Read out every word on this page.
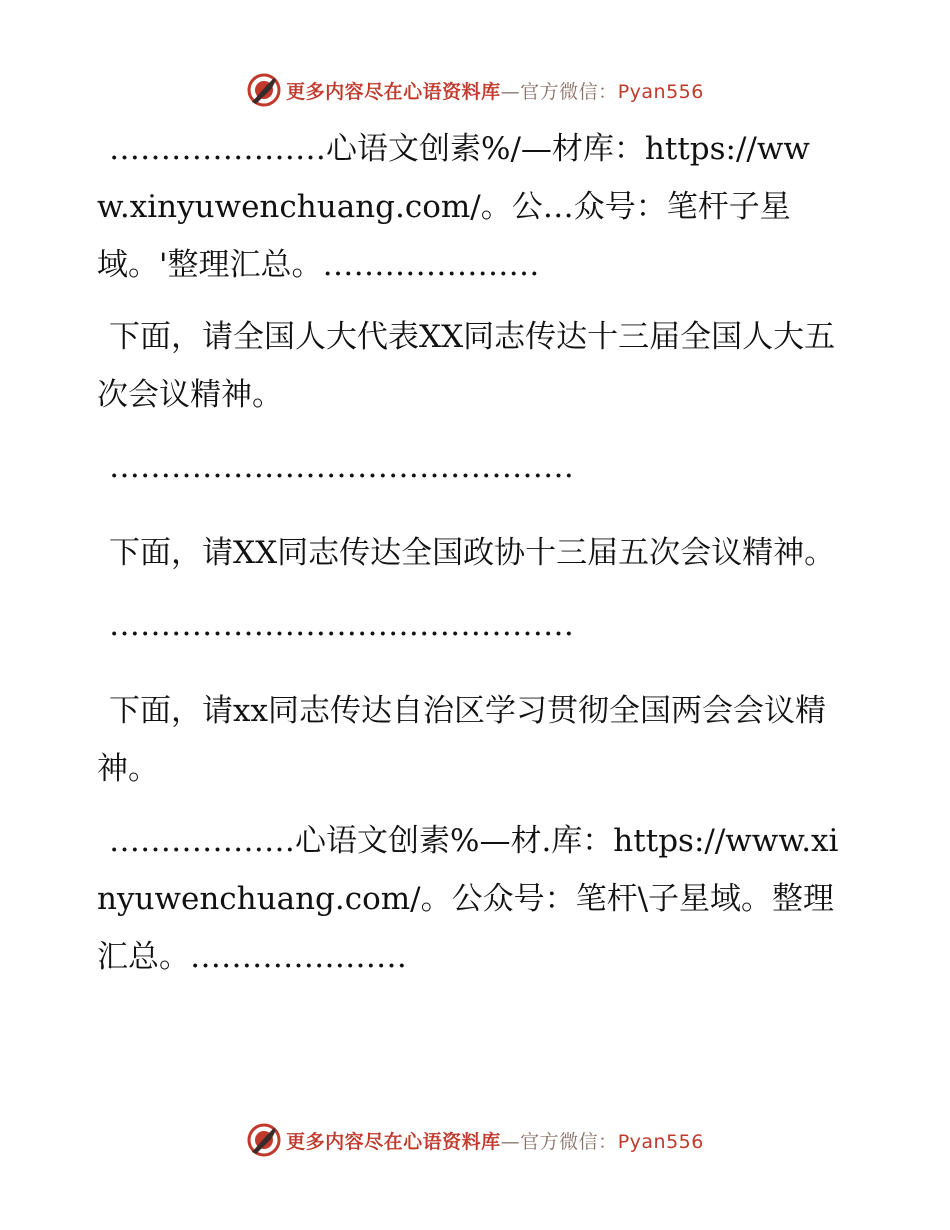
更多内容尽在心语资料库—官方微信：Pyan556

…………………心语文创素%/—材库：https://www.xinyuwenchuang.com/。公…众号：笔杆子星域。'整理汇总。…………………

下面，请全国人大代表XX同志传达十三届全国人大五次会议精神。

………………………………………

下面，请XX同志传达全国政协十三届五次会议精神。

………………………………………

下面，请xx同志传达自治区学习贯彻全国两会会议精神。

………………心语文创素%—材.库：https://www.xinyuwenchuang.com/。公众号：笔杆\子星域。整理汇总。…………………

更多内容尽在心语资料库—官方微信：Pyan556
